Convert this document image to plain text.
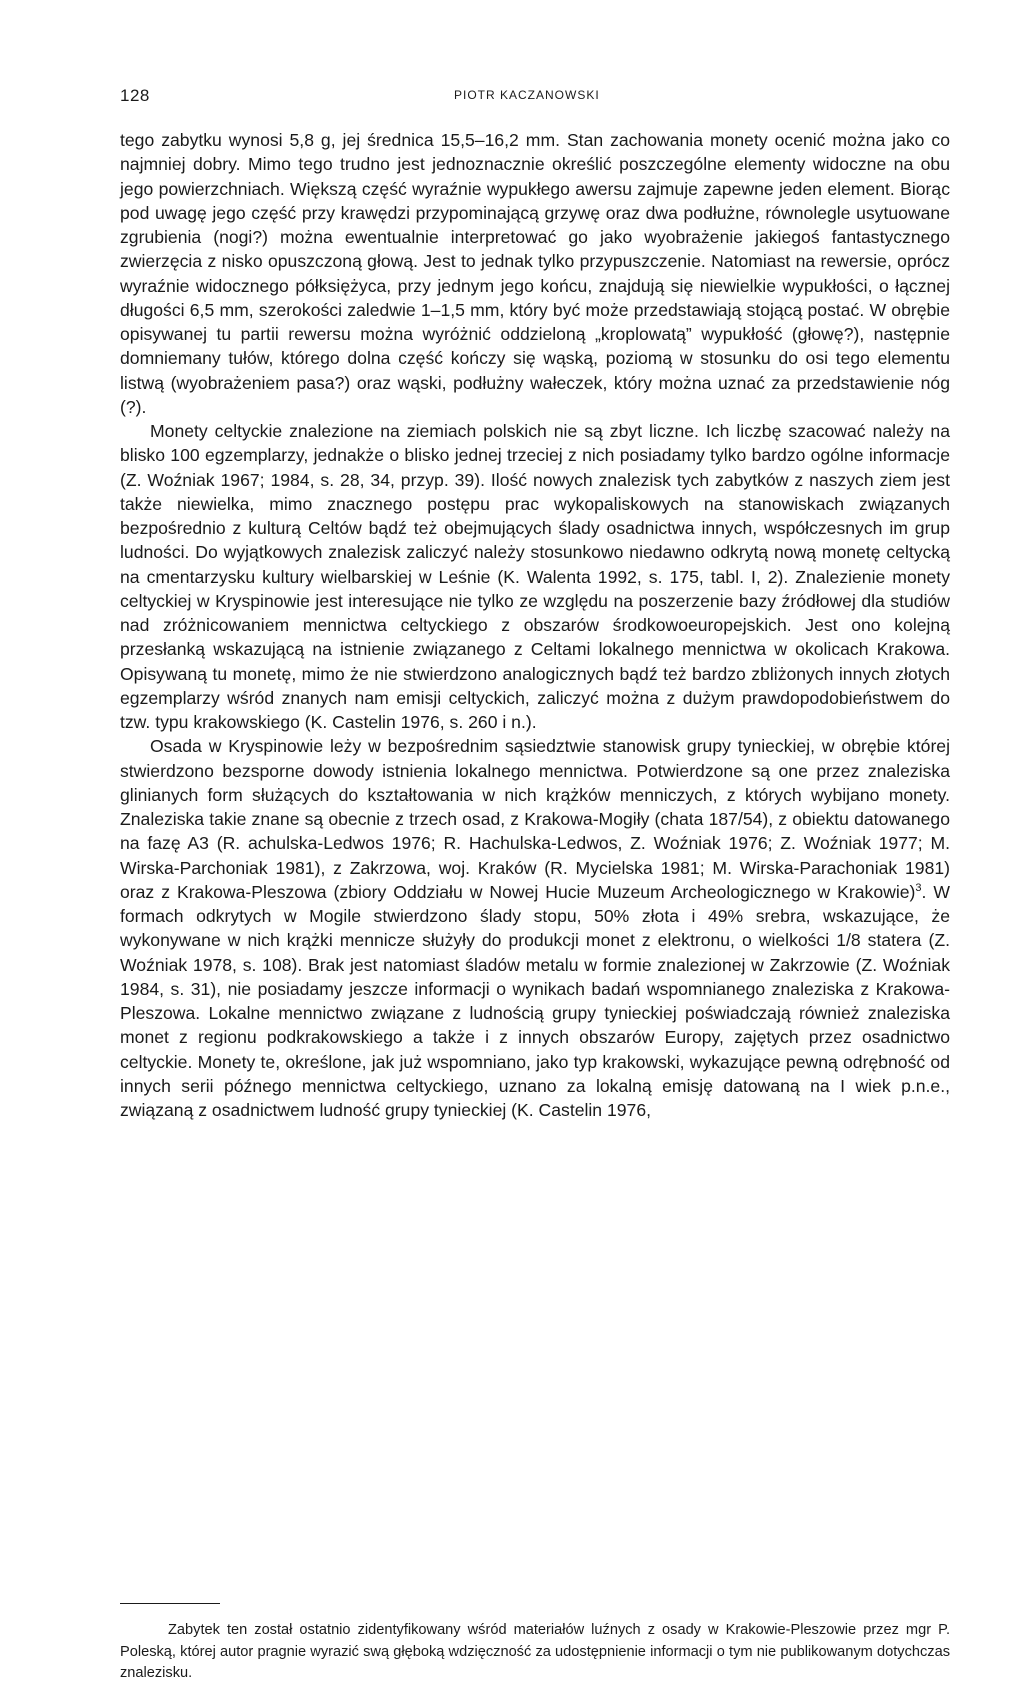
128	PIOTR KACZANOWSKI

tego zabytku wynosi 5,8 g, jej średnica 15,5–16,2 mm. Stan zachowania monety ocenić można jako co najmniej dobry. Mimo tego trudno jest jednoznacznie określić poszczególne elementy widoczne na obu jego powierzchniach. Większą część wyraźnie wypukłego awersu zajmuje zapewne jeden element. Biorąc pod uwagę jego część przy krawędzi przypominającą grzywę oraz dwa podłużne, równolegle usytuowane zgrubienia (nogi?) można ewentualnie interpretować go jako wyobrażenie jakiegoś fantastycznego zwierzęcia z nisko opuszczoną głową. Jest to jednak tylko przypuszczenie. Natomiast na rewersie, oprócz wyraźnie widocznego półksiężyca, przy jednym jego końcu, znajdują się niewielkie wypukłości, o łącznej długości 6,5 mm, szerokości zaledwie 1–1,5 mm, który być może przedstawiają stojącą postać. W obrębie opisywanej tu partii rewersu można wyróżnić oddzieloną „kroplowatą” wypukłość (głowę?), następnie domniemany tułów, którego dolna część kończy się wąską, poziomą w stosunku do osi tego elementu listwą (wyobrażeniem pasa?) oraz wąski, podłużny wałeczek, który można uznać za przedstawienie nóg (?).

Monety celtyckie znalezione na ziemiach polskich nie są zbyt liczne. Ich liczbę szacować należy na blisko 100 egzemplarzy, jednakże o blisko jednej trzeciej z nich posiadamy tylko bardzo ogólne informacje (Z. Woźniak 1967; 1984, s. 28, 34, przyp. 39). Ilość nowych znalezisk tych zabytków z naszych ziem jest także niewielka, mimo znacznego postępu prac wykopaliskowych na stanowiskach związanych bezpośrednio z kulturą Celtów bądź też obejmujących ślady osadnictwa innych, współczesnych im grup ludności. Do wyjątkowych znalezisk zaliczyć należy stosunkowo niedawno odkrytą nową monetę celtycką na cmentarzysku kultury wielbarskiej w Leśnie (K. Walenta 1992, s. 175, tabl. I, 2). Znalezienie monety celtyckiej w Kryspinowie jest interesujące nie tylko ze względu na poszerzenie bazy źródłowej dla studiów nad zróżnicowaniem mennictwa celtyckiego z obszarów środkowoeuropejskich. Jest ono kolejną przesłanką wskazującą na istnienie związanego z Celtami lokalnego mennictwa w okolicach Krakowa. Opisywaną tu monetę, mimo że nie stwierdzono analogicznych bądź też bardzo zbliżonych innych złotych egzemplarzy wśród znanych nam emisji celtyckich, zaliczyć można z dużym prawdopodobieństwem do tzw. typu krakowskiego (K. Castelin 1976, s. 260 i n.).

Osada w Kryspinowie leży w bezpośrednim sąsiedztwie stanowisk grupy tynieckiej, w obrębie której stwierdzono bezsporne dowody istnienia lokalnego mennictwa. Potwierdzone są one przez znaleziska glinianych form służących do kształtowania w nich krążków menniczych, z których wybijano monety. Znaleziska takie znane są obecnie z trzech osad, z Krakowa-Mogiły (chata 187/54), z obiektu datowanego na fazę A3 (R. achulska-Ledwos 1976; R. Hachulska-Ledwos, Z. Woźniak 1976; Z. Woźniak 1977; M. Wirska-Parchoniak 1981), z Zakrzowa, woj. Kraków (R. Mycielska 1981; M. Wirska-Parachoniak 1981) oraz z Krakowa-Pleszowa (zbiory Oddziału w Nowej Hucie Muzeum Archeologicznego w Krakowie)$^3$. W formach odkrytych w Mogile stwierdzono ślady stopu, 50% złota i 49% srebra, wskazujące, że wykonywane w nich krążki mennicze służyły do produkcji monet z elektronu, o wielkości 1/8 statera (Z. Woźniak 1978, s. 108). Brak jest natomiast śladów metalu w formie znalezionej w Zakrzowie (Z. Woźniak 1984, s. 31), nie posiadamy jeszcze informacji o wynikach badań wspomnianego znaleziska z Krakowa-Pleszowa. Lokalne mennictwo związane z ludnością grupy tynieckiej poświadczają również znaleziska monet z regionu podkrakowskiego a także i z innych obszarów Europy, zajętych przez osadnictwo celtyckie. Monety te, określone, jak już wspomniano, jako typ krakowski, wykazujące pewną odrębność od innych serii późnego mennictwa celtyckiego, uznano za lokalną emisję datowaną na I wiek p.n.e., związaną z osadnictwem ludność grupy tynieckiej (K. Castelin 1976,

Zabytek ten został ostatnio zidentyfikowany wśród materiałów luźnych z osady w Krakowie-Pleszowie przez mgr P. Poleską, której autor pragnie wyrazić swą głęboką wdzięczność za udostępnienie informacji o tym nie publikowanym dotychczas znalezisku.
